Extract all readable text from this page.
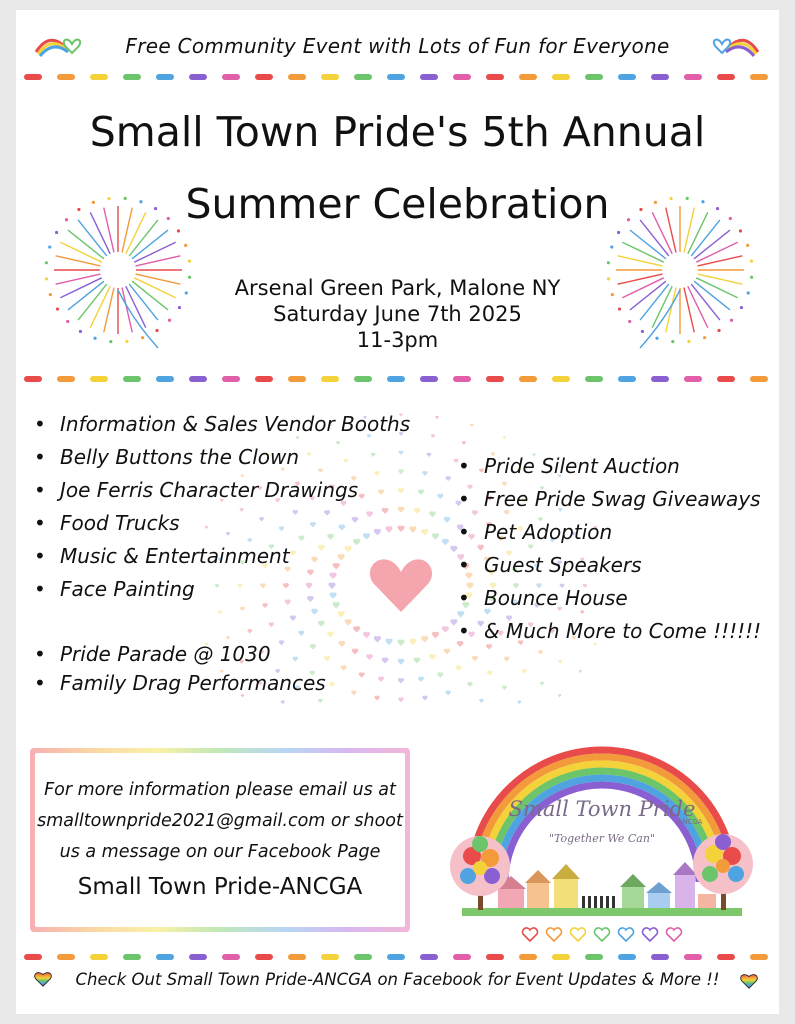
Free Community Event with Lots of Fun for Everyone
Small Town Pride's 5th Annual
Summer Celebration
Arsenal Green Park, Malone NY
Saturday June 7th 2025
11-3pm
• Information & Sales Vendor Booths
• Belly Buttons the Clown
• Joe Ferris Character Drawings
• Food Trucks
• Music & Entertainment
• Face Painting
• Pride Parade @ 1030
• Family Drag Performances
• Pride Silent Auction
• Free Pride Swag Giveaways
• Pet Adoption
• Guest Speakers
• Bounce House
• & Much More to Come !!!!!!
For more information please email us at
smalltownpride2021@gmail.com or shoot
us a message on our Facebook Page
Small Town Pride-ANCGA
Small Town Pride
ANCGA
"Together We Can"
Check Out Small Town Pride-ANCGA on Facebook for Event Updates & More !!
